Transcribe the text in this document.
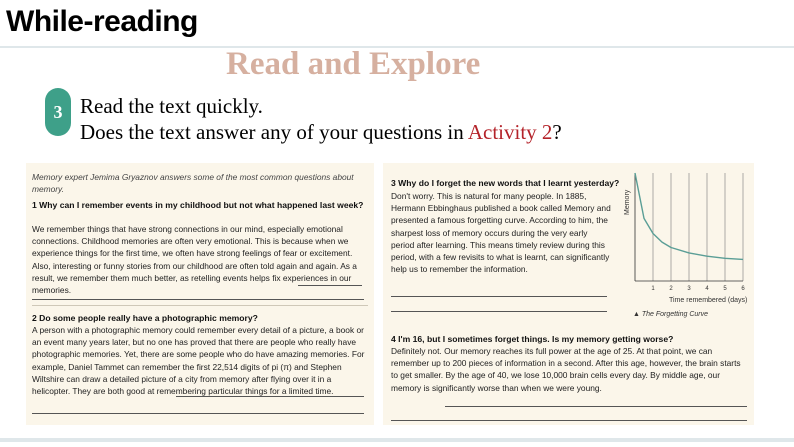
While-reading
Read and Explore
3 Read the text quickly.
Does the text answer any of your questions in Activity 2?
Memory expert Jemima Gryaznov answers some of the most common questions about memory.
1 Why can I remember events in my childhood but not what happened last week?
We remember things that have strong connections in our mind, especially emotional connections. Childhood memories are often very emotional. This is because when we experience things for the first time, we often have strong feelings of fear or excitement. Also, interesting or funny stories from our childhood are often told again and again. As a result, we remember them much better, as retelling events helps fix experiences in our memories.
2 Do some people really have a photographic memory?
A person with a photographic memory could remember every detail of a picture, a book or an event many years later, but no one has proved that there are people who really have photographic memories. Yet, there are some people who do have amazing memories. For example, Daniel Tammet can remember the first 22,514 digits of pi (π) and Stephen Wiltshire can draw a detailed picture of a city from memory after flying over it in a helicopter. They are both good at remembering particular things for a limited time.
3 Why do I forget the new words that I learnt yesterday?
Don't worry. This is natural for many people. In 1885, Hermann Ebbinghaus published a book called Memory and presented a famous forgetting curve. According to him, the sharpest loss of memory occurs during the very early period after learning. This means timely review during this period, with a few revisits to what is learnt, can significantly help us to remember the information.
Memory
1 2 3 4 5 6
Time remembered (days)
▲ The Forgetting Curve
4 I'm 16, but I sometimes forget things. Is my memory getting worse?
Definitely not. Our memory reaches its full power at the age of 25. At that point, we can remember up to 200 pieces of information in a second. After this age, however, the brain starts to get smaller. By the age of 40, we lose 10,000 brain cells every day. By middle age, our memory is significantly worse than when we were young.
